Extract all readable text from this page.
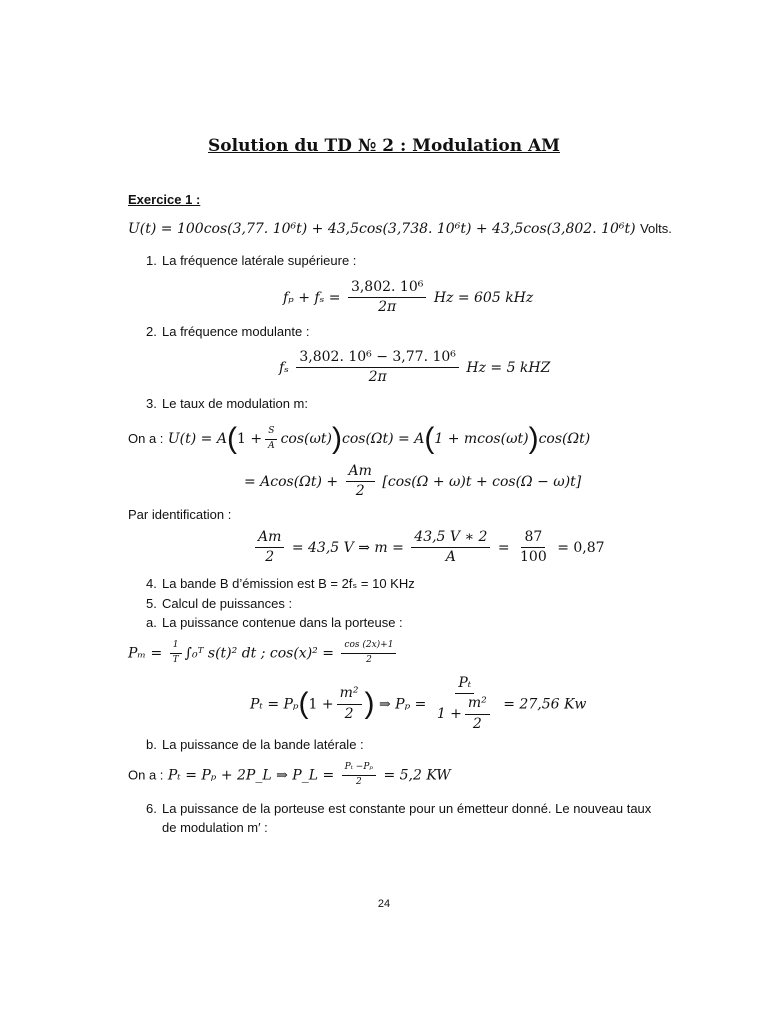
Solution du TD № 2 : Modulation AM
Exercice 1 :
U(t) = 100cos(3,77. 10⁶t) + 43,5cos(3,738. 10⁶t) + 43,5cos(3,802. 10⁶t) Volts.
1. La fréquence latérale supérieure :
$f_p + f_s = \frac{\text{3,802. 10⁶}}{2\pi}$ Hz = 605 kHz
2. La fréquence modulante :
fₛ $\frac{\text{3,802. 10⁶ − 3,77. 10⁶}}{2\pi}$ Hz = 5 kHZ
3. Le taux de modulation m:
On a : $U(t) = A(1 + \frac{S}{A} \cos(\omega t))\cos(\Omega t) = A(1 + mcos(\omega t))\cos(\Omega t)$
= $Acos(\Omega t) + \frac{Am}{2} [\cos(\Omega + \omega)t + \cos(\Omega - \omega)t]$
Par identification :
$\frac{Am}{2} = 43,5$ V ⇒ $m = \frac{43,5 V ∗ 2}{A} = \frac{87}{100} = 0,87$
4. La bande B d’émission est B = 2fₛ = 10 KHz
5. Calcul de puissances :
a. La puissance contenue dans la porteuse :
$P_m = \frac{1}{T}$ ∫₀ᵀ s(t)² dt ; $\cos(x)^2 = \frac{\cos (2x)+1}{2}$
$P_t = P_p(1 + \frac{\text{m²}}{2}$ ) ⇒ $P_p = \frac{\text{Pₜ}}{1 + \frac{\text{m²}}{2}} = 27,56$ Kw
b. La puissance de la bande latérale :
On a : Pₜ = Pₚ + 2P_L ⇒ P_L = $\frac{\text{Pₜ −Pₚ}}{2} = 5,2$ KW
6. La puissance de la porteuse est constante pour un émetteur donné. Le nouveau taux
de modulation m′ :
24
